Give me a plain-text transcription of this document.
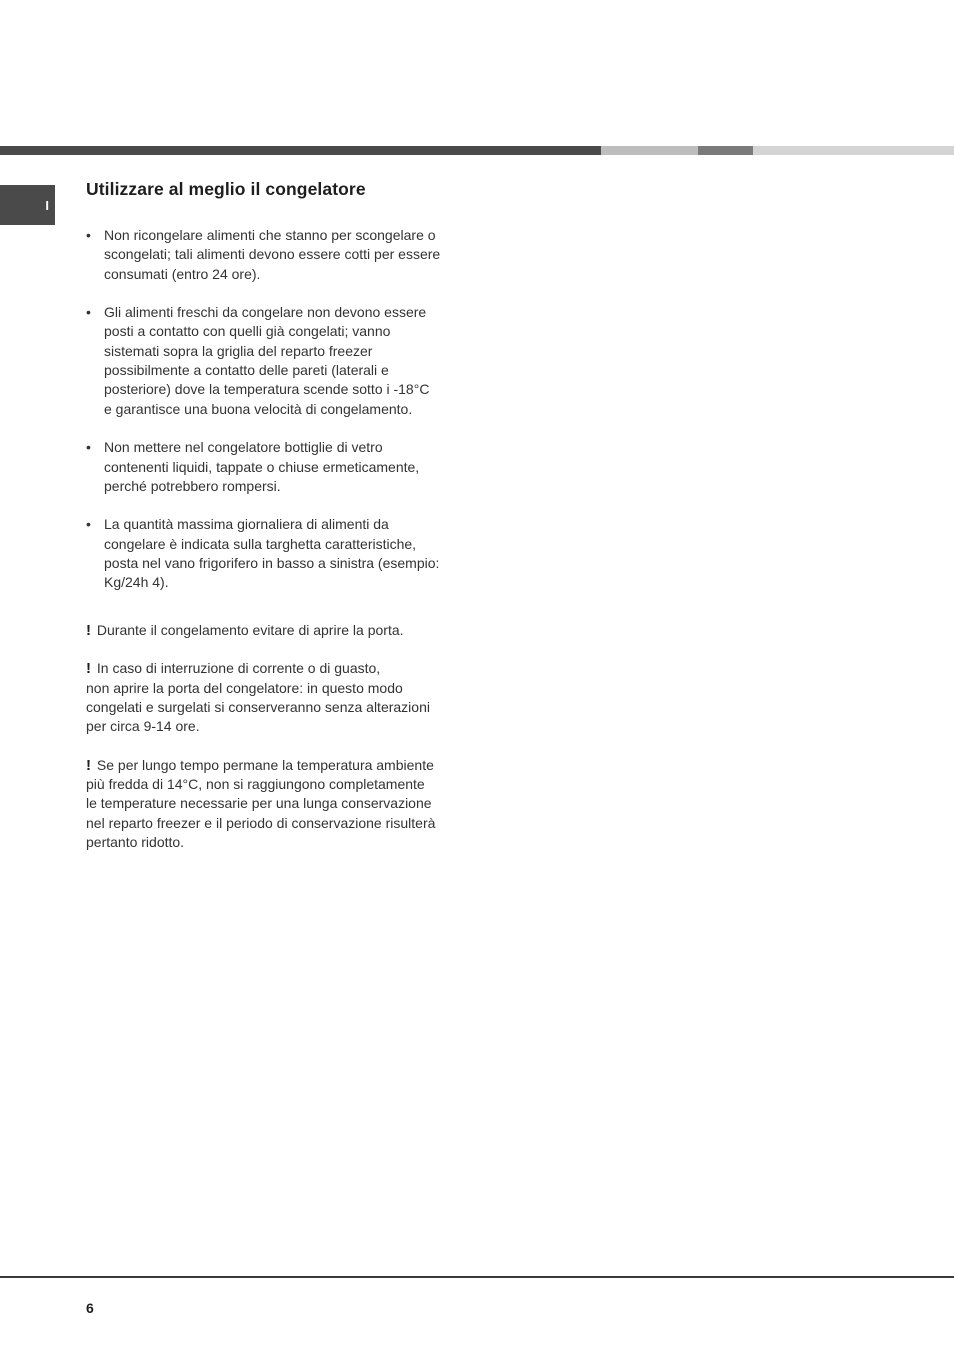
I
Utilizzare al meglio il congelatore
• Non ricongelare alimenti che stanno per scongelare o
scongelati; tali alimenti devono essere cotti per essere
consumati (entro 24 ore).
• Gli alimenti freschi da congelare non devono essere
posti a contatto con quelli già congelati; vanno
sistemati sopra la griglia del reparto freezer
possibilmente a contatto delle pareti (laterali e
posteriore) dove la temperatura scende sotto i -18°C
e garantisce una buona velocità di congelamento.
• Non mettere nel congelatore bottiglie di vetro
contenenti liquidi, tappate o chiuse ermeticamente,
perché potrebbero rompersi.
• La quantità massima giornaliera di alimenti da
congelare è indicata sulla targhetta caratteristiche,
posta nel vano frigorifero in basso a sinistra (esempio:
Kg/24h 4).
! Durante il congelamento evitare di aprire la porta.
! In caso di interruzione di corrente o di guasto,
non aprire la porta del congelatore: in questo modo
congelati e surgelati si conserveranno senza alterazioni
per circa 9-14 ore.
! Se per lungo tempo permane la temperatura ambiente
più fredda di 14°C, non si raggiungono completamente
le temperature necessarie per una lunga conservazione
nel reparto freezer e il periodo di conservazione risulterà
pertanto ridotto.
6
